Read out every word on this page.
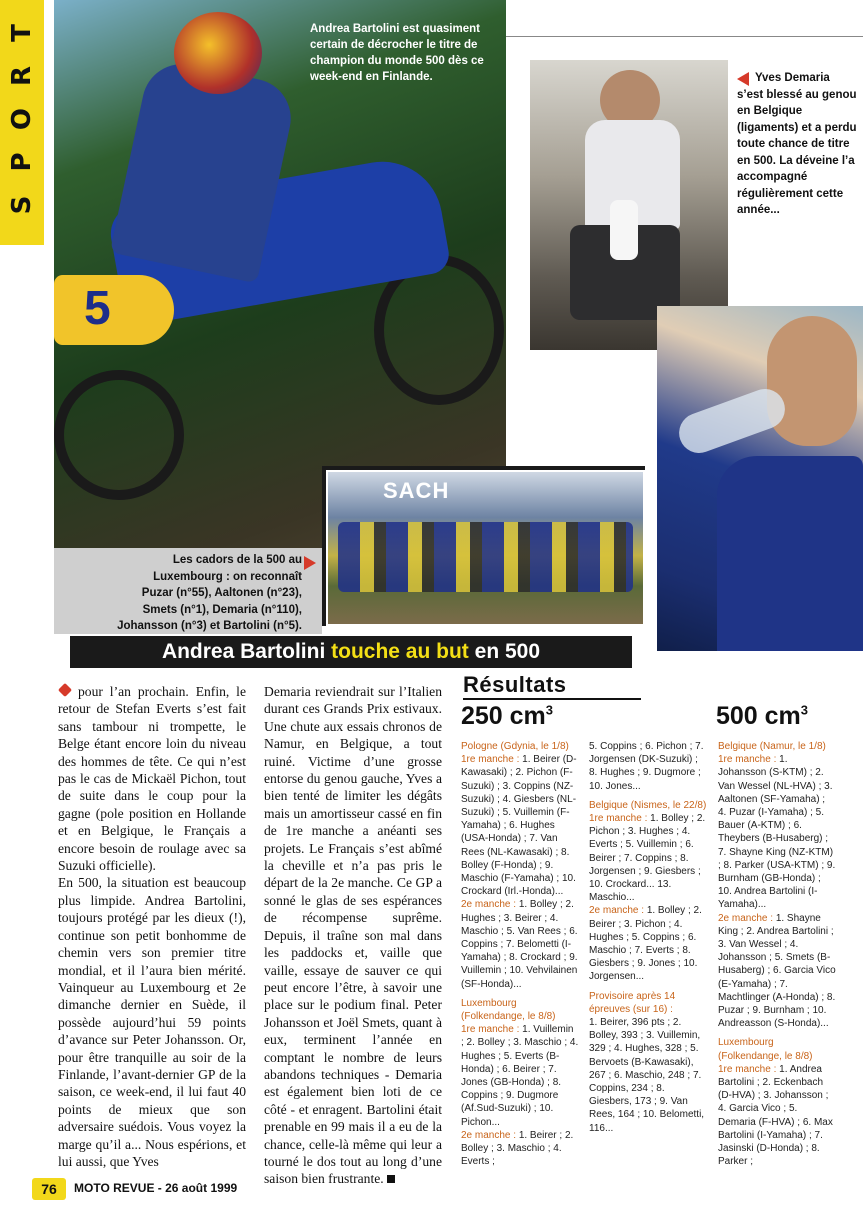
S
P
O
R
T
5
Andrea Bartolini est quasiment certain de décrocher le titre de champion du monde 500 dès ce week-end en Finlande.	Yves Demaria s’est blessé au genou en Belgique (ligaments) et a perdu toute chance de titre en 500. La déveine l’a accompagné régulièrement cette année...
SACH
Les cadors de la 500 au
Luxembourg : on reconnaît
Puzar (n°55), Aaltonen (n°23),
Smets (n°1), Demaria (n°110),
Johansson (n°3) et Bartolini (n°5).
Andrea Bartolini touche au but en 500

pour l’an prochain. Enfin, le retour de Stefan Everts s’est fait sans tambour ni trompette, le Belge étant encore loin du niveau des hommes de tête. Ce qui n’est pas le cas de Mickaël Pichon, tout de suite dans le coup pour la gagne (pole position en Hollande et en Belgique, le Français a encore besoin de roulage avec sa Suzuki officielle).

En 500, la situation est beaucoup plus limpide. Andrea Bartolini, toujours protégé par les dieux (!), continue son petit bonhomme de chemin vers son premier titre mondial, et il l’aura bien mérité. Vainqueur au Luxembourg et 2e dimanche dernier en Suède, il possède aujourd’hui 59 points d’avance sur Peter Johansson. Or, pour être tranquille au soir de la Finlande, l’avant-dernier GP de la saison, ce week-end, il lui faut 40 points de mieux que son adversaire suédois. Vous voyez la marge qu’il a... Nous espérions, et lui aussi, que Yves

Demaria reviendrait sur l’Italien durant ces Grands Prix estivaux. Une chute aux essais chronos de Namur, en Belgique, a tout ruiné. Victime d’une grosse entorse du genou gauche, Yves a bien tenté de limiter les dégâts mais un amortisseur cassé en fin de 1re manche a anéanti ses projets. Le Français s’est abîmé la cheville et n’a pas pris le départ de la 2e manche. Ce GP a sonné le glas de ses espérances de récompense suprême. Depuis, il traîne son mal dans les paddocks et, vaille que vaille, essaye de sauver ce qui peut encore l’être, à savoir une place sur le podium final. Peter Johansson et Joël Smets, quant à eux, terminent l’année en comptant le nombre de leurs abandons techniques - Demaria est également bien loti de ce côté - et enragent. Bartolini était prenable en 99 mais il a eu de la chance, celle-là même qui leur a tourné le dos tout au long d’une saison bien frustrante.

Résultats
250 $cm^3$	500 $cm^3$
Pologne (Gdynia, le 1/8)
1re manche : 1. Beirer (D-Kawasaki) ; 2. Pichon (F-Suzuki) ; 3. Coppins (NZ-Suzuki) ; 4. Giesbers (NL-Suzuki) ; 5. Vuillemin (F-Yamaha) ; 6. Hughes (USA-Honda) ; 7. Van Rees (NL-Kawasaki) ; 8. Bolley (F-Honda) ; 9. Maschio (F-Yamaha) ; 10. Crockard (Irl.-Honda)...
2e manche : 1. Bolley ; 2. Hughes ; 3. Beirer ; 4. Maschio ; 5. Van Rees ; 6. Coppins ; 7. Belometti (I-Yamaha) ; 8. Crockard ; 9. Vuillemin ; 10. Vehvilainen (SF-Honda)...
Luxembourg (Folkendange, le 8/8)
1re manche : 1. Vuillemin ; 2. Bolley ; 3. Maschio ; 4. Hughes ; 5. Everts (B-Honda) ; 6. Beirer ; 7. Jones (GB-Honda) ; 8. Coppins ; 9. Dugmore (Af.Sud-Suzuki) ; 10. Pichon...
2e manche : 1. Beirer ; 2. Bolley ; 3. Maschio ; 4. Everts ;
5. Coppins ; 6. Pichon ; 7. Jorgensen (DK-Suzuki) ; 8. Hughes ; 9. Dugmore ; 10. Jones...
Belgique (Nismes, le 22/8)
1re manche : 1. Bolley ; 2. Pichon ; 3. Hughes ; 4. Everts ; 5. Vuillemin ; 6. Beirer ; 7. Coppins ; 8. Jorgensen ; 9. Giesbers ; 10. Crockard... 13. Maschio...
2e manche : 1. Bolley ; 2. Beirer ; 3. Pichon ; 4. Hughes ; 5. Coppins ; 6. Maschio ; 7. Everts ; 8. Giesbers ; 9. Jones ; 10. Jorgensen...
Provisoire après 14 épreuves (sur 16) :
1. Beirer, 396 pts ; 2. Bolley, 393 ; 3. Vuillemin, 329 ; 4. Hughes, 328 ; 5. Bervoets (B-Kawasaki), 267 ; 6. Maschio, 248 ; 7. Coppins, 234 ; 8. Giesbers, 173 ; 9. Van Rees, 164 ; 10. Belometti, 116...
Belgique (Namur, le 1/8)
1re manche : 1. Johansson (S-KTM) ; 2. Van Wessel (NL-HVA) ; 3. Aaltonen (SF-Yamaha) ; 4. Puzar (I-Yamaha) ; 5. Bauer (A-KTM) ; 6. Theybers (B-Husaberg) ; 7. Shayne King (NZ-KTM) ; 8. Parker (USA-KTM) ; 9. Burnham (GB-Honda) ; 10. Andrea Bartolini (I-Yamaha)...
2e manche : 1. Shayne King ; 2. Andrea Bartolini ; 3. Van Wessel ; 4. Johansson ; 5. Smets (B-Husaberg) ; 6. Garcia Vico (E-Yamaha) ; 7. Machtlinger (A-Honda) ; 8. Puzar ; 9. Burnham ; 10. Andreasson (S-Honda)...
Luxembourg (Folkendange, le 8/8)
1re manche : 1. Andrea Bartolini ; 2. Eckenbach (D-HVA) ; 3. Johansson ; 4. Garcia Vico ; 5. Demaria (F-HVA) ; 6. Max Bartolini (I-Yamaha) ; 7. Jasinski (D-Honda) ; 8. Parker ;
76	MOTO REVUE - 26 août 1999
